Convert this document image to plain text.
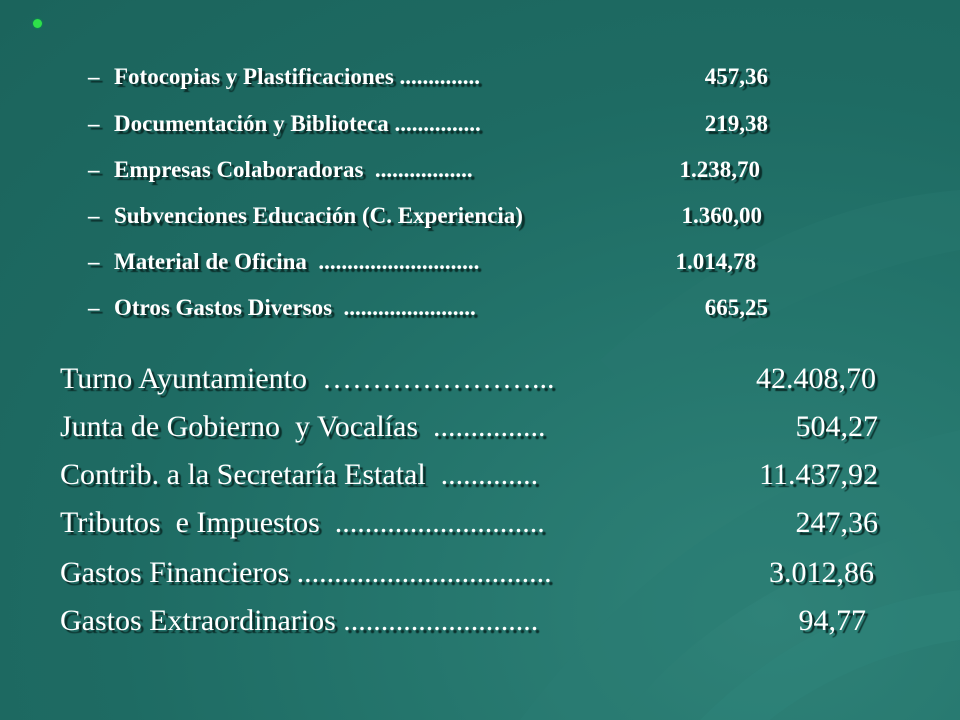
– Fotocopias y Plastificaciones ..............	457,36
– Documentación y Biblioteca ...............	219,38
– Empresas Colaboradoras  .................	1.238,70
– Subvenciones Educación (C. Experiencia)	1.360,00
– Material de Oficina  ............................	1.014,78
– Otros Gastos Diversos  .......................	665,25
Turno Ayuntamiento  …………………...	42.408,70
Junta de Gobierno  y Vocalías  ...............	504,27
Contrib. a la Secretaría Estatal  .............	11.437,92
Tributos  e Impuestos  ............................	247,36
Gastos Financieros ..................................	3.012,86
Gastos Extraordinarios ..........................	94,77
